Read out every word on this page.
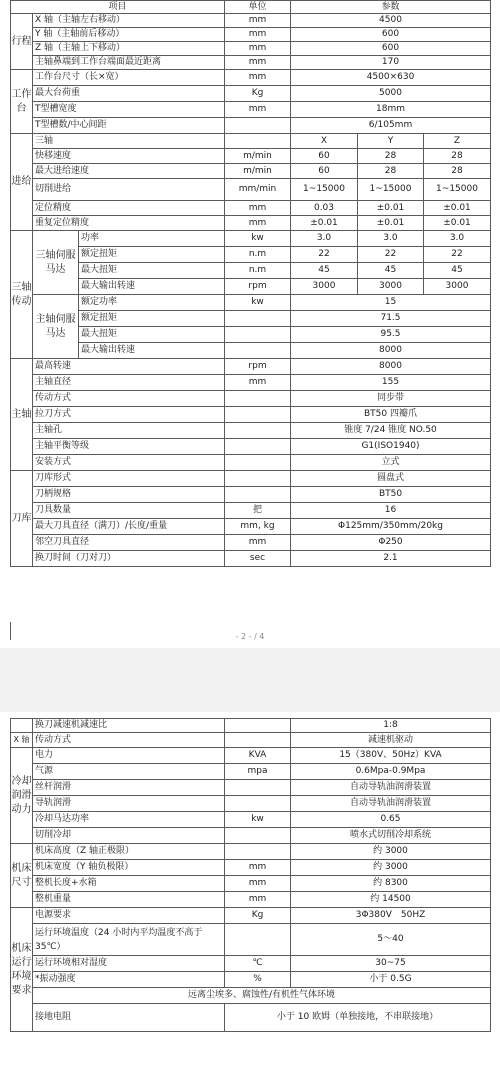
项目			单位	参数		
行程	X 轴（主轴左右移动）		mm	4500		
	Y 轴（主轴前后移动）		mm	600		
	Z 轴（主轴上下移动）		mm	600		
	主轴鼻端到工作台端面最近距离		mm	170		
工作台	工作台尺寸（长×宽）		mm	4500×630		
	最大台荷重		Kg	5000		
	T型槽宽度		mm	18mm		
	T型槽数/中心间距			6/105mm		
进给	三轴			X	Y	Z
	快移速度		m/min	60	28	28
	最大进给速度		m/min	60	28	28
	切削进给		mm/min	1~15000	1~15000	1~15000
	定位精度		mm	0.03	±0.01	±0.01
	重复定位精度		mm	±0.01	±0.01	±0.01
三轴传动	三轴伺服马达	功率	kw	3.0	3.0	3.0
		额定扭矩	n.m	22	22	22
		最大扭矩	n.m	45	45	45
		最大输出转速	rpm	3000	3000	3000
	主轴伺服马达	额定功率	kw	15		
		额定扭矩		71.5		
		最大扭矩		95.5		
		最大输出转速		8000		
主轴	最高转速		rpm	8000		
	主轴直径		mm	155		
	传动方式			同步带		
	拉刀方式			BT50 四瓣爪		
	主轴孔			锥度 7/24 锥度 NO.50		
	主轴平衡等级			G1(ISO1940)		
	安装方式			立式		
刀库	刀库形式			圆盘式		
	刀柄规格			BT50		
	刀具数量		把	16		
	最大刀具直径（满刀）/长度/重量		mm, kg	Φ125mm/350mm/20kg		
	邻空刀具直径		mm	Φ250		
	换刀时间（刀对刀）		sec	2.1		
- 2 - / 4
	换刀减速机减速比		1:8
X 轴	传动方式		减速机驱动
冷却润滑动力	电力	KVA	15（380V、50Hz）KVA
	气源	mpa	0.6Mpa-0.9Mpa
	丝杆润滑		自动导轨油润滑装置
	导轨润滑		自动导轨油润滑装置
	冷却马达功率	kw	0.65
	切削冷却		喷水式切削冷却系统
机床尺寸	机床高度（Z 轴正极限）		约 3000
	机床宽度（Y 轴负极限）	mm	约 3000
	整机长度+水箱	mm	约 8300
	整机重量	mm	约 14500
机床运行环境要求	电源要求	Kg	3Φ380V　50HZ
	运行环境温度（24 小时内平均温度不高于 35℃）		5～40
	运行环境相对湿度	℃	30~75
	*振动强度	%	小于 0.5G
	远离尘埃多、腐蚀性/有机性气体环境		
	接地电阻	小于 10 欧姆（单独接地，不串联接地）	
